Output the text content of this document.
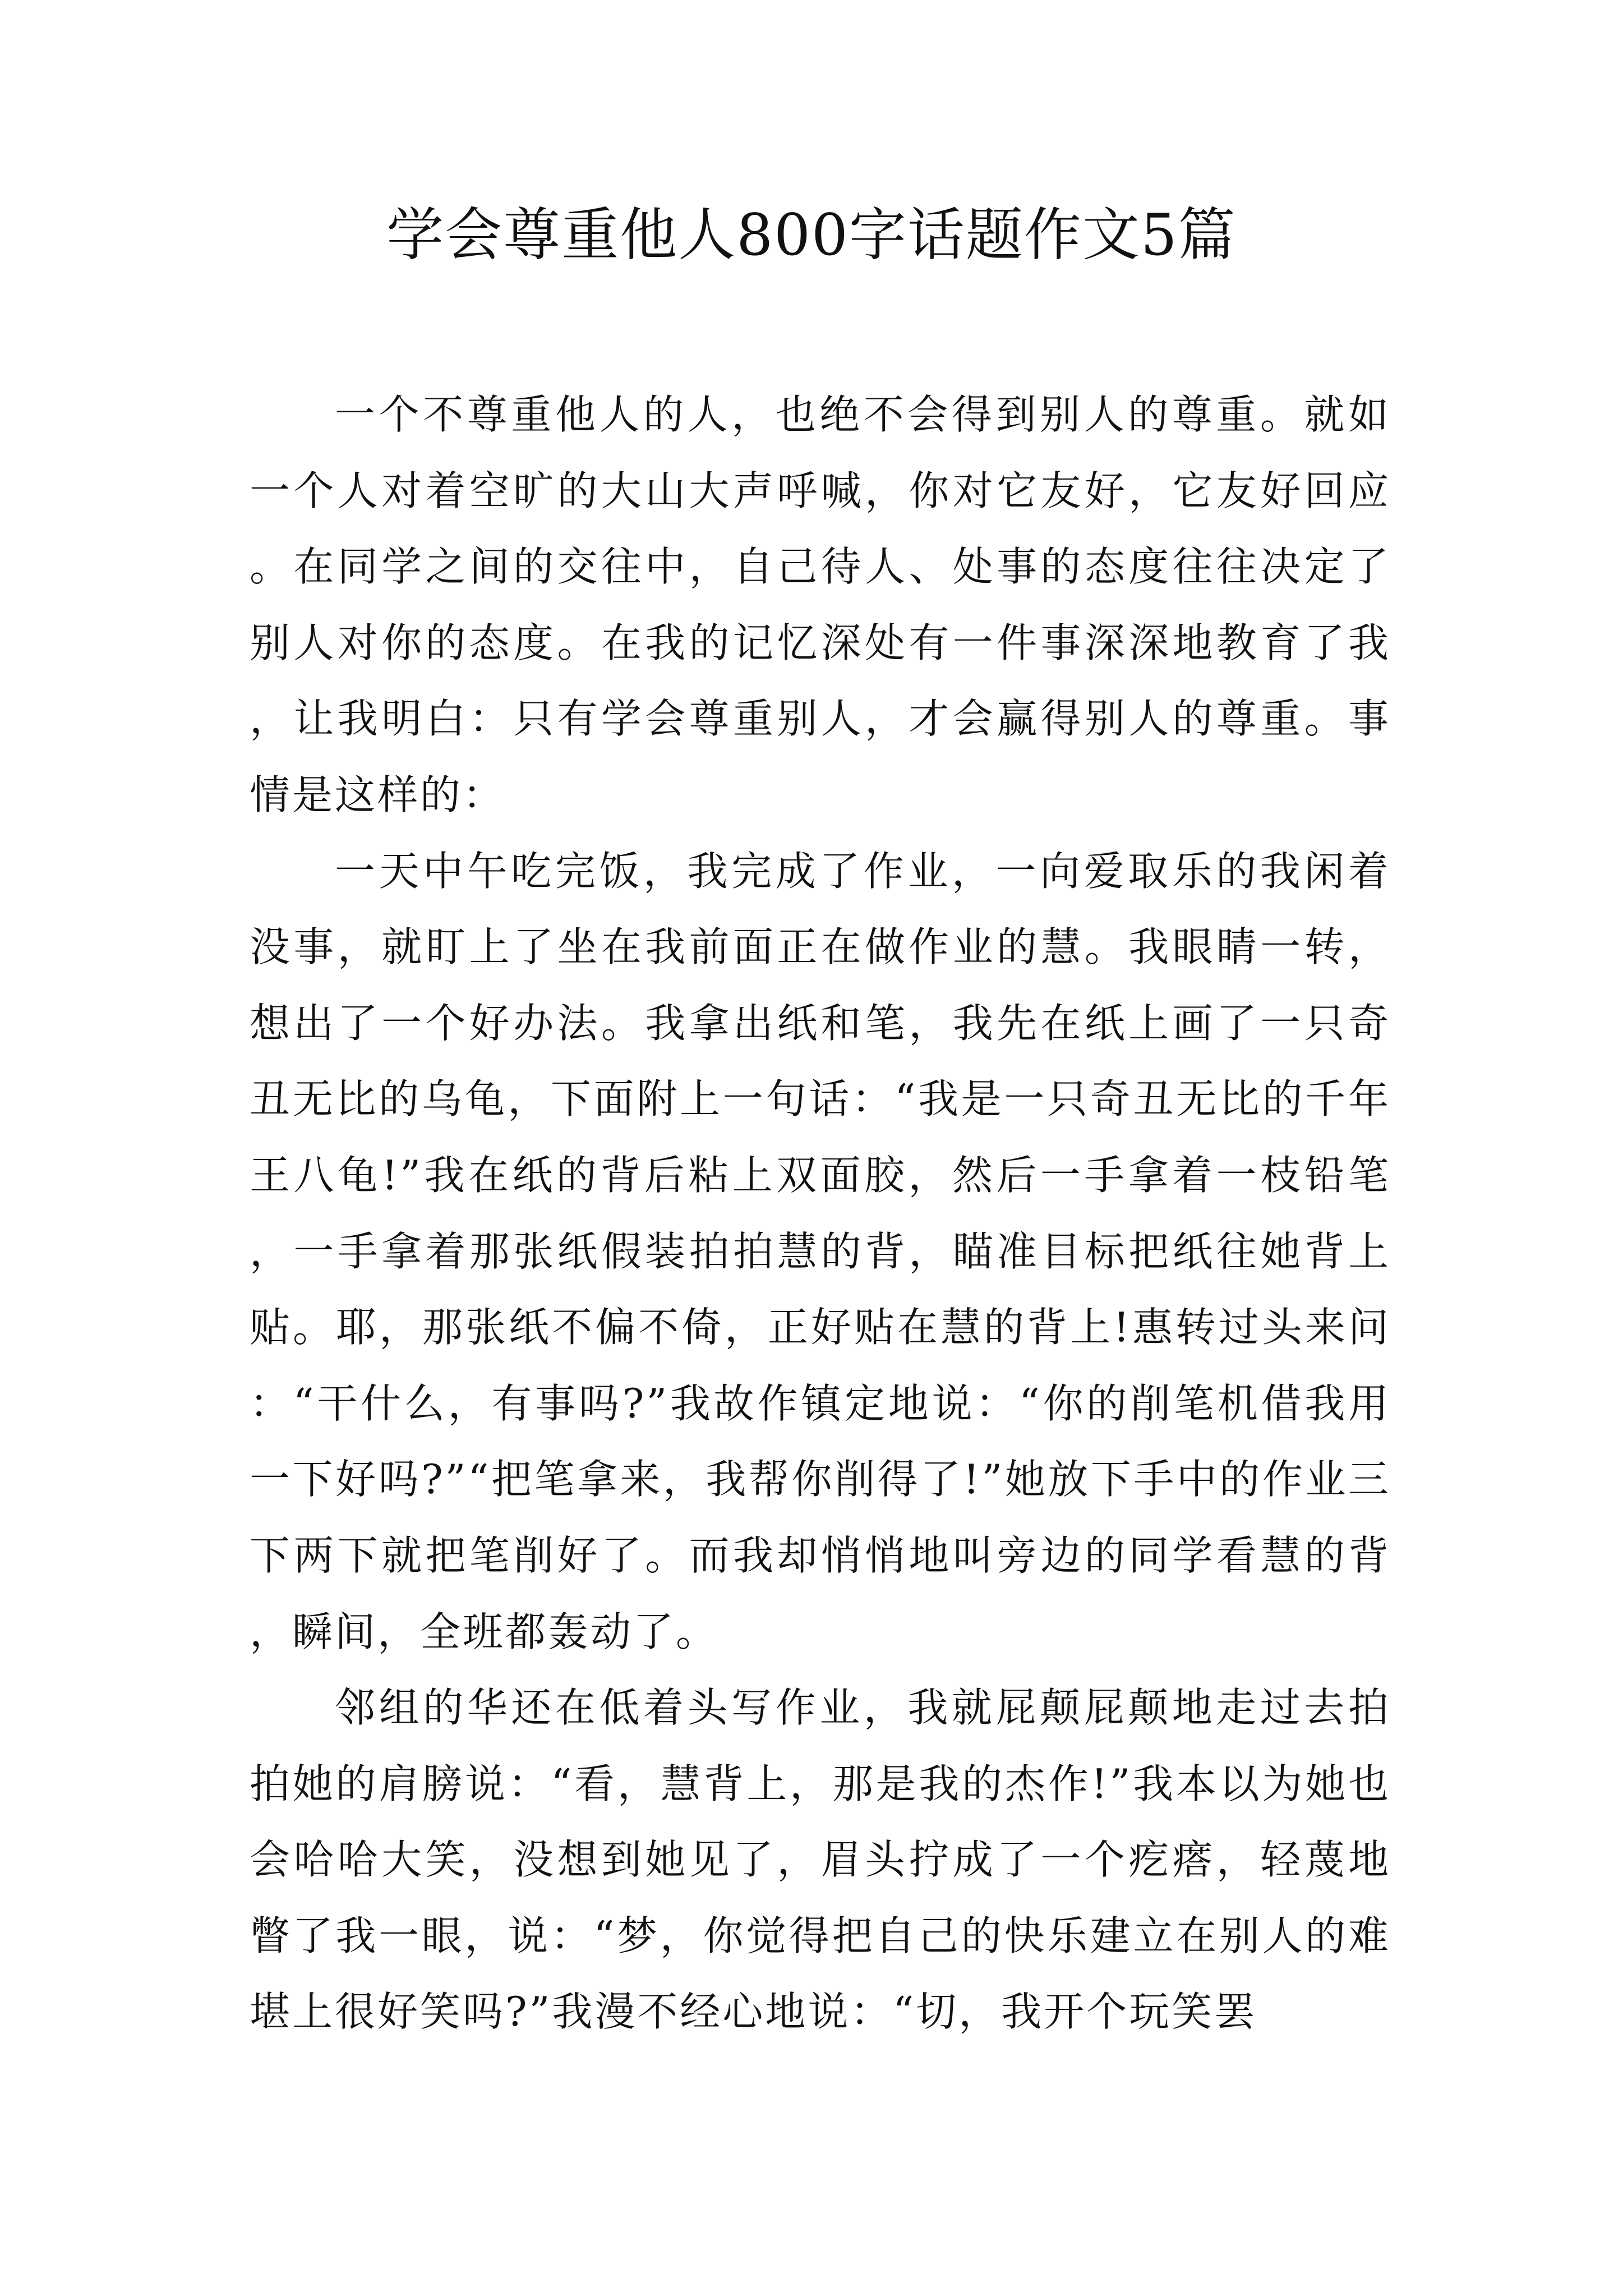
学会尊重他人800字话题作文5篇

一个不尊重他人的人，也绝不会得到别人的尊重。就如一个人对着空旷的大山大声呼喊，你对它友好，它友好回应。在同学之间的交往中，自己待人、处事的态度往往决定了别人对你的态度。在我的记忆深处有一件事深深地教育了我，让我明白：只有学会尊重别人，才会赢得别人的尊重。事情是这样的：

一天中午吃完饭，我完成了作业，一向爱取乐的我闲着没事，就盯上了坐在我前面正在做作业的慧。我眼睛一转，想出了一个好办法。我拿出纸和笔，我先在纸上画了一只奇丑无比的乌龟，下面附上一句话：“我是一只奇丑无比的千年王八龟!”我在纸的背后粘上双面胶，然后一手拿着一枝铅笔，一手拿着那张纸假装拍拍慧的背，瞄准目标把纸往她背上贴。耶，那张纸不偏不倚，正好贴在慧的背上!惠转过头来问：“干什么，有事吗?”我故作镇定地说：“你的削笔机借我用一下好吗?”“把笔拿来，我帮你削得了!”她放下手中的作业三下两下就把笔削好了。而我却悄悄地叫旁边的同学看慧的背，瞬间，全班都轰动了。

邻组的华还在低着头写作业，我就屁颠屁颠地走过去拍拍她的肩膀说：“看，慧背上，那是我的杰作!”我本以为她也会哈哈大笑，没想到她见了，眉头拧成了一个疙瘩，轻蔑地瞥了我一眼，说：“梦，你觉得把自己的快乐建立在别人的难堪上很好笑吗?”我漫不经心地说：“切，我开个玩笑罢
